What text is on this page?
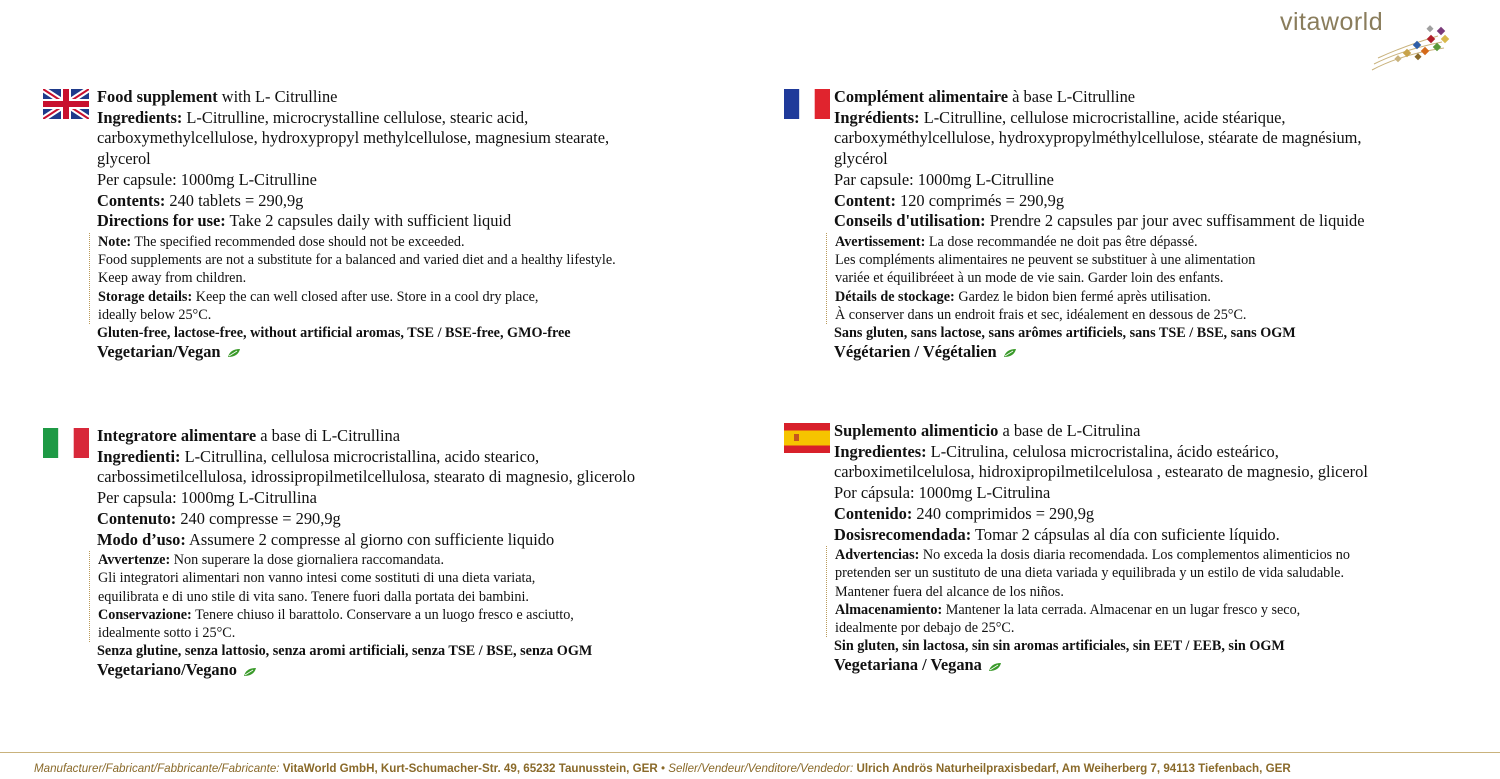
vitaworld
Food supplement with L- Citrulline
Ingredients: L-Citrulline, microcrystalline cellulose, stearic acid,
carboxymethylcellulose, hydroxypropyl methylcellulose, magnesium stearate,
glycerol
Per capsule: 1000mg L-Citrulline
Contents: 240 tablets = 290,9g
Directions for use: Take 2 capsules daily with sufficient liquid
Note: The specified recommended dose should not be exceeded.
Food supplements are not a substitute for a balanced and varied diet and a healthy lifestyle.
Keep away from children.
Storage details: Keep the can well closed after use. Store in a cool dry place,
ideally below 25°C.
Gluten-free, lactose-free, without artificial aromas, TSE / BSE-free, GMO-free
Vegetarian/Vegan
Complément alimentaire à base L-Citrulline
Ingrédients: L-Citrulline, cellulose microcristalline, acide stéarique,
carboxyméthylcellulose, hydroxypropylméthylcellulose, stéarate de magnésium,
glycérol
Par capsule: 1000mg L-Citrulline
Content: 120 comprimés = 290,9g
Conseils d'utilisation: Prendre 2 capsules par jour avec suffisamment de liquide
Avertissement: La dose recommandée ne doit pas être dépassé.
Les compléments alimentaires ne peuvent se substituer à une alimentation
variée et équilibréeet à un mode de vie sain. Garder loin des enfants.
Détails de stockage: Gardez le bidon bien fermé après utilisation.
À conserver dans un endroit frais et sec, idéalement en dessous de 25°C.
Sans gluten, sans lactose, sans arômes artificiels, sans TSE / BSE, sans OGM
Végétarien / Végétalien
Integratore alimentare a base di L-Citrullina
Ingredienti: L-Citrullina, cellulosa microcristallina, acido stearico,
carbossimetilcellulosa, idrossipropilmetilcellulosa, stearato di magnesio, glicerolo
Per capsula: 1000mg L-Citrullina
Contenuto: 240 compresse = 290,9g
Modo d’uso: Assumere 2 compresse al giorno con sufficiente liquido
Avvertenze: Non superare la dose giornaliera raccomandata.
Gli integratori alimentari non vanno intesi come sostituti di una dieta variata,
equilibrata e di uno stile di vita sano. Tenere fuori dalla portata dei bambini.
Conservazione: Tenere chiuso il barattolo. Conservare a un luogo fresco e asciutto,
idealmente sotto i 25°C.
Senza glutine, senza lattosio, senza aromi artificiali, senza TSE / BSE, senza OGM
Vegetariano/Vegano
Suplemento alimenticio a base de L-Citrulina
Ingredientes: L-Citrulina, celulosa microcristalina, ácido esteárico,
carboximetilcelulosa, hidroxipropilmetilcelulosa , estearato de magnesio, glicerol
Por cápsula: 1000mg L-Citrulina
Contenido: 240 comprimidos = 290,9g
Dosisrecomendada: Tomar 2 cápsulas al día con suficiente líquido.
Advertencias: No exceda la dosis diaria recomendada. Los complementos alimenticios no
pretenden ser un sustituto de una dieta variada y equilibrada y un estilo de vida saludable.
Mantener fuera del alcance de los niños.
Almacenamiento: Mantener la lata cerrada. Almacenar en un lugar fresco y seco,
idealmente por debajo de 25°C.
Sin gluten, sin lactosa, sin sin aromas artificiales, sin EET / EEB, sin OGM
Vegetariana / Vegana
Manufacturer/Fabricant/Fabbricante/Fabricante: VitaWorld GmbH, Kurt-Schumacher-Str. 49, 65232 Taunusstein, GER • Seller/Vendeur/Venditore/Vendedor: Ulrich Andrös Naturheilpraxisbedarf, Am Weiherberg 7, 94113 Tiefenbach, GER
